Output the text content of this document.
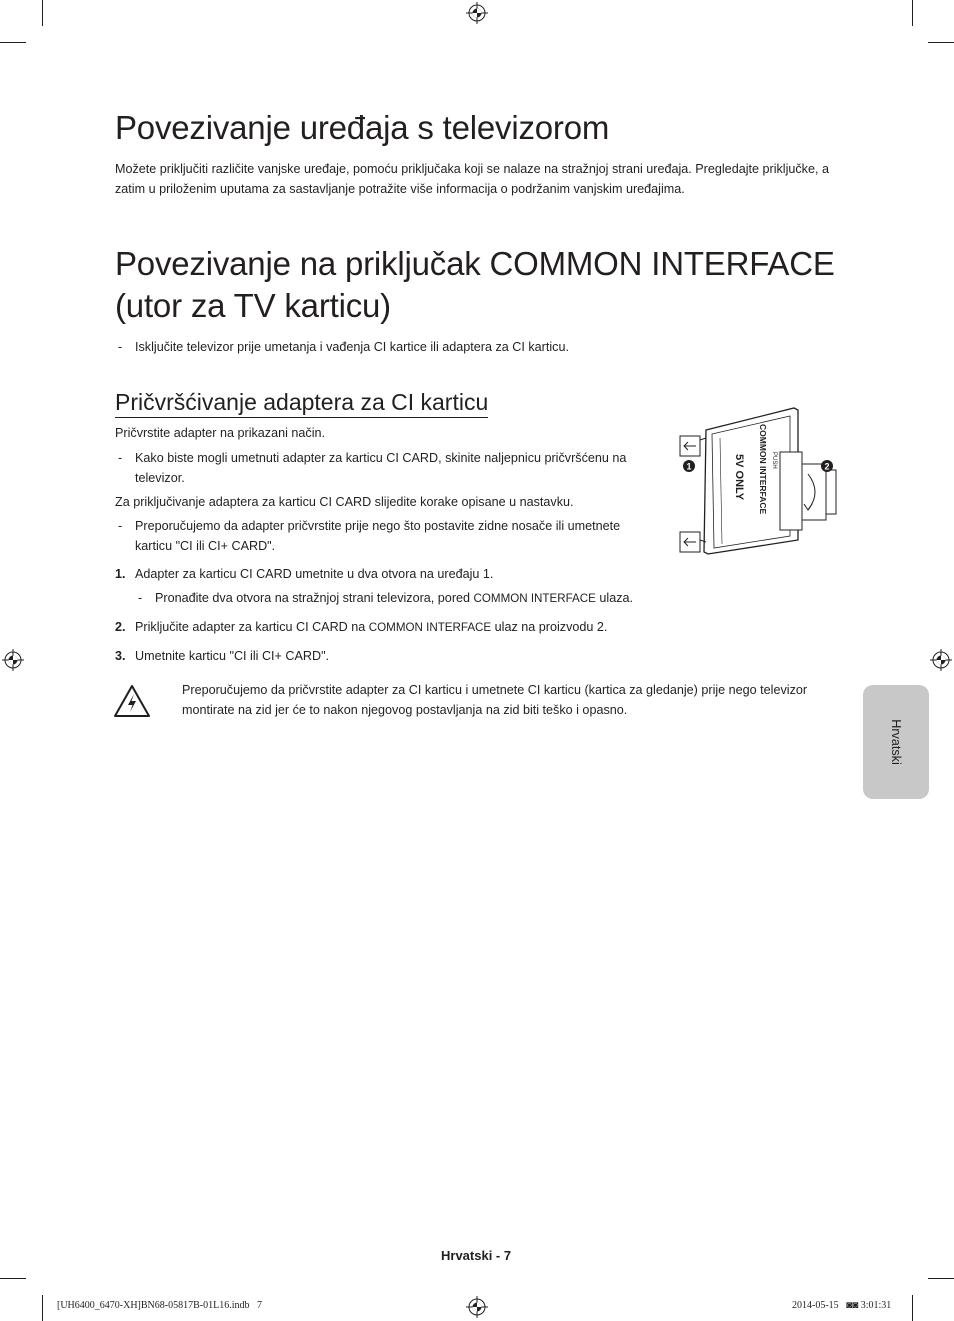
Povezivanje uređaja s televizorom

Možete priključiti različite vanjske uređaje, pomoću priključaka koji se nalaze na stražnjoj strani uređaja. Pregledajte priključke, a zatim u priloženim uputama za sastavljanje potražite više informacija o podržanim vanjskim uređajima.

Povezivanje na priključak COMMON INTERFACE
(utor za TV karticu)
- Isključite televizor prije umetanja i vađenja CI kartice ili adaptera za CI karticu.
Pričvršćivanje adaptera za CI karticu

Pričvrstite adapter na prikazani način.

- Kako biste mogli umetnuti adapter za karticu CI CARD, skinite naljepnicu pričvršćenu na televizor.

Za priključivanje adaptera za karticu CI CARD slijedite korake opisane u nastavku.

- Preporučujemo da adapter pričvrstite prije nego što postavite zidne nosače ili umetnete karticu "CI ili CI+ CARD".
1. Adapter za karticu CI CARD umetnite u dva otvora na uređaju 1.
- Pronađite dva otvora na stražnjoj strani televizora, pored COMMON INTERFACE ulaza.
2. Priključite adapter za karticu CI CARD na COMMON INTERFACE ulaz na proizvodu 2.
3. Umetnite karticu "CI ili CI+ CARD".

Preporučujemo da pričvrstite adapter za CI karticu i umetnete CI karticu (kartica za gledanje) prije nego televizor montirate na zid jer će to nakon njegovog postavljanja na zid biti teško i opasno.

1	2
COMMON INTERFACE
5V ONLY	PUSH
Hrvatski
Hrvatski - 7
[UH6400_6470-XH]BN68-05817B-01L16.indb   7	2014-05-15   ◙◙ 3:01:31
